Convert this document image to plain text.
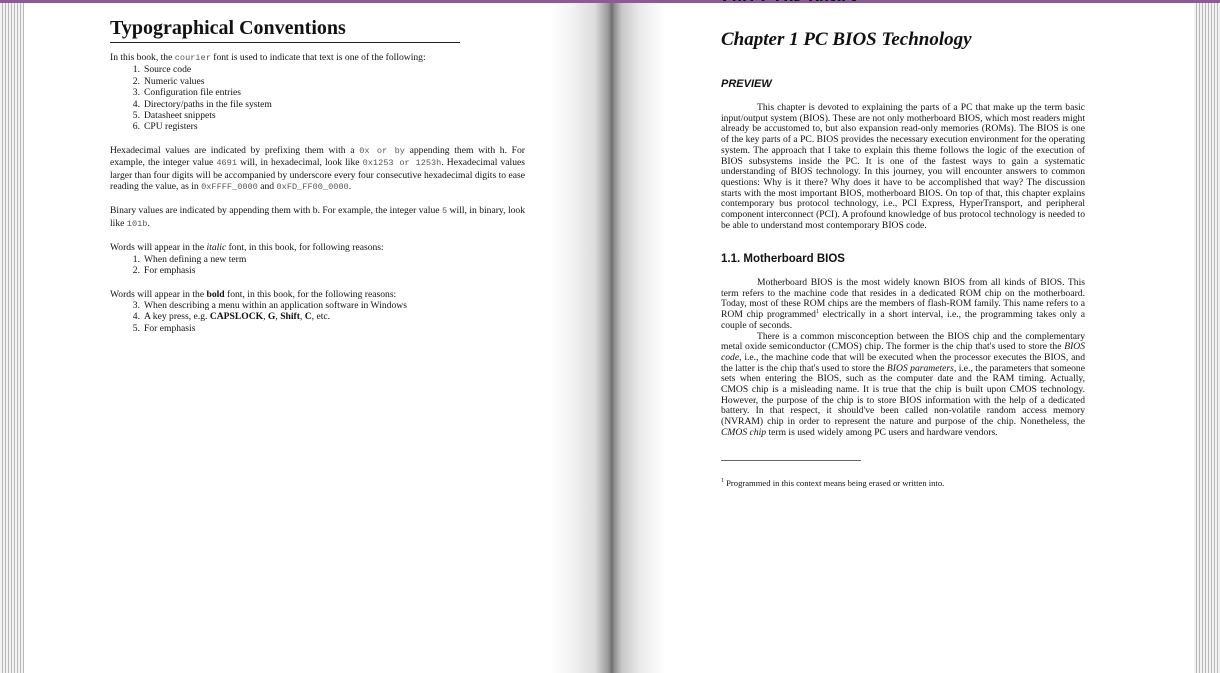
Typographical Conventions

In this book, the courier font is used to indicate that text is one of the following:

1. Source code
2. Numeric values
3. Configuration file entries
4. Directory/paths in the file system
5. Datasheet snippets
6. CPU registers

Hexadecimal values are indicated by prefixing them with a 0x or by appending them with h. For example, the integer value 4691 will, in hexadecimal, look like 0x1253 or 1253h. Hexadecimal values larger than four digits will be accompanied by underscore every four consecutive hexadecimal digits to ease reading the value, as in 0xFFFF_0000 and 0xFD_FF00_0000.

Binary values are indicated by appending them with b. For example, the integer value 5 will, in binary, look like 101b.

Words will appear in the italic font, in this book, for following reasons:

1. When defining a new term
2. For emphasis

Words will appear in the bold font, in this book, for the following reasons:

3. When describing a menu within an application software in Windows
4. A key press, e.g. CAPSLOCK, G, Shift, C, etc.
5. For emphasis
Chapter 1 PC BIOS Technology
PREVIEW

This chapter is devoted to explaining the parts of a PC that make up the term basic input/output system (BIOS). These are not only motherboard BIOS, which most readers might already be accustomed to, but also expansion read-only memories (ROMs). The BIOS is one of the key parts of a PC. BIOS provides the necessary execution environment for the operating system. The approach that I take to explain this theme follows the logic of the execution of BIOS subsystems inside the PC. It is one of the fastest ways to gain a systematic understanding of BIOS technology. In this journey, you will encounter answers to common questions: Why is it there? Why does it have to be accomplished that way? The discussion starts with the most important BIOS, motherboard BIOS. On top of that, this chapter explains contemporary bus protocol technology, i.e., PCI Express, HyperTransport, and peripheral component interconnect (PCI). A profound knowledge of bus protocol technology is needed to be able to understand most contemporary BIOS code.

1.1. Motherboard BIOS

Motherboard BIOS is the most widely known BIOS from all kinds of BIOS. This term refers to the machine code that resides in a dedicated ROM chip on the motherboard. Today, most of these ROM chips are the members of flash-ROM family. This name refers to a ROM chip programmed$^1$ electrically in a short interval, i.e., the programming takes only a couple of seconds.

There is a common misconception between the BIOS chip and the complementary metal oxide semiconductor (CMOS) chip. The former is the chip that's used to store the BIOS code, i.e., the machine code that will be executed when the processor executes the BIOS, and the latter is the chip that's used to store the BIOS parameters, i.e., the parameters that someone sets when entering the BIOS, such as the computer date and the RAM timing. Actually, CMOS chip is a misleading name. It is true that the chip is built upon CMOS technology. However, the purpose of the chip is to store BIOS information with the help of a dedicated battery. In that respect, it should've been called non-volatile random access memory (NVRAM) chip in order to represent the nature and purpose of the chip. Nonetheless, the CMOS chip term is used widely among PC users and hardware vendors.

$^1$ Programmed in this context means being erased or written into.
